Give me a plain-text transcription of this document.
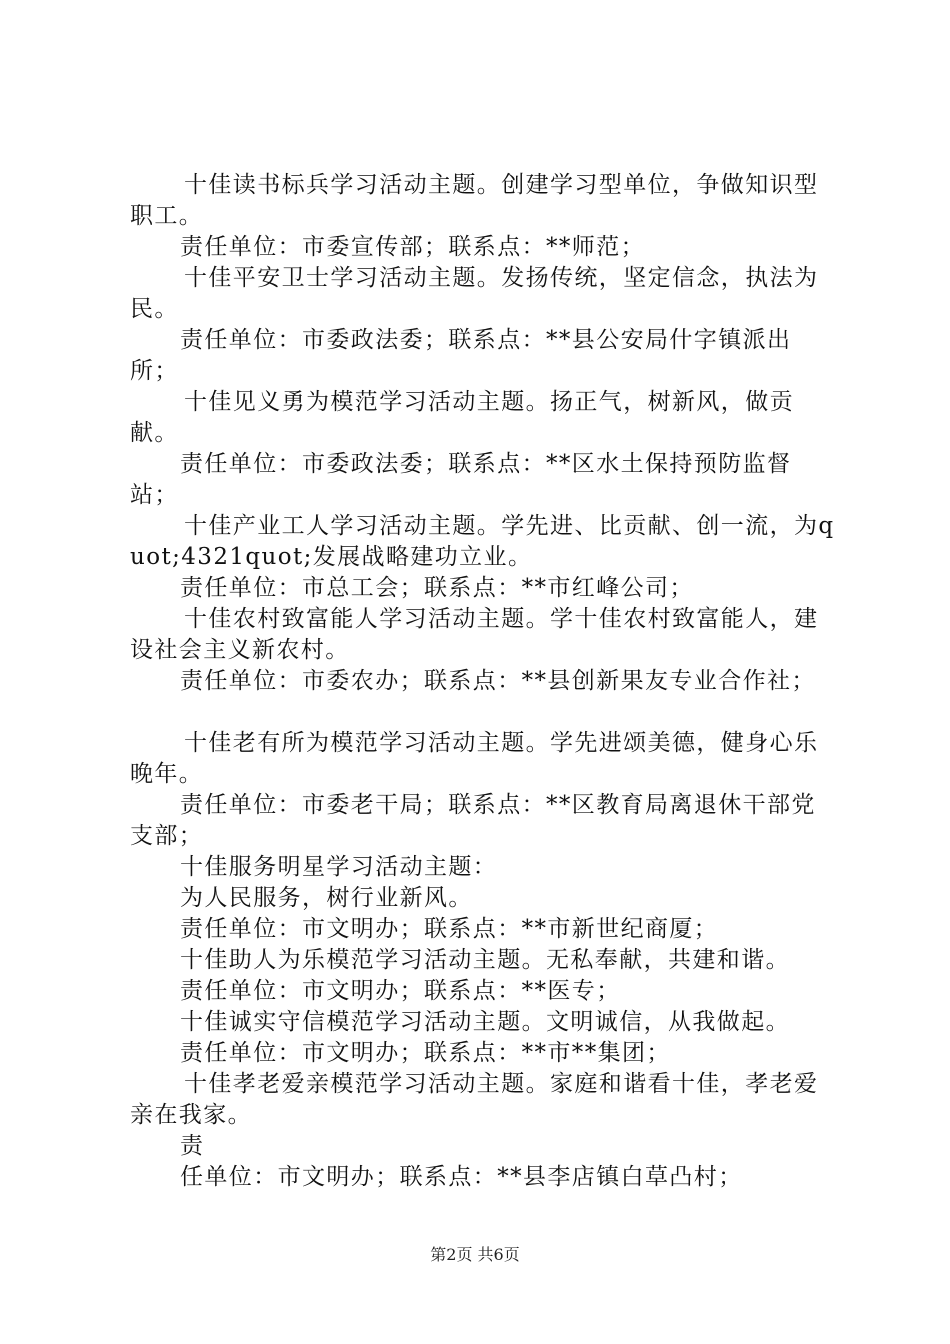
十佳读书标兵学习活动主题。创建学习型单位，争做知识型职工。

责任单位：市委宣传部；联系点：**师范；

十佳平安卫士学习活动主题。发扬传统，坚定信念，执法为民。

责任单位：市委政法委；联系点：**县公安局什字镇派出所；

十佳见义勇为模范学习活动主题。扬正气，树新风，做贡献。

责任单位：市委政法委；联系点：**区水土保持预防监督站；

十佳产业工人学习活动主题。学先进、比贡献、创一流，为quot;4321quot;发展战略建功立业。

责任单位：市总工会；联系点：**市红峰公司；

十佳农村致富能人学习活动主题。学十佳农村致富能人，建设社会主义新农村。

责任单位：市委农办；联系点：**县创新果友专业合作社；

十佳老有所为模范学习活动主题。学先进颂美德，健身心乐晚年。

责任单位：市委老干局；联系点：**区教育局离退休干部党支部；

十佳服务明星学习活动主题：

为人民服务，树行业新风。

责任单位：市文明办；联系点：**市新世纪商厦；

十佳助人为乐模范学习活动主题。无私奉献，共建和谐。

责任单位：市文明办；联系点：**医专；

十佳诚实守信模范学习活动主题。文明诚信，从我做起。

责任单位：市文明办；联系点：**市**集团；

十佳孝老爱亲模范学习活动主题。家庭和谐看十佳，孝老爱亲在我家。

责

任单位：市文明办；联系点：**县李店镇白草凸村；

第2页 共6页
